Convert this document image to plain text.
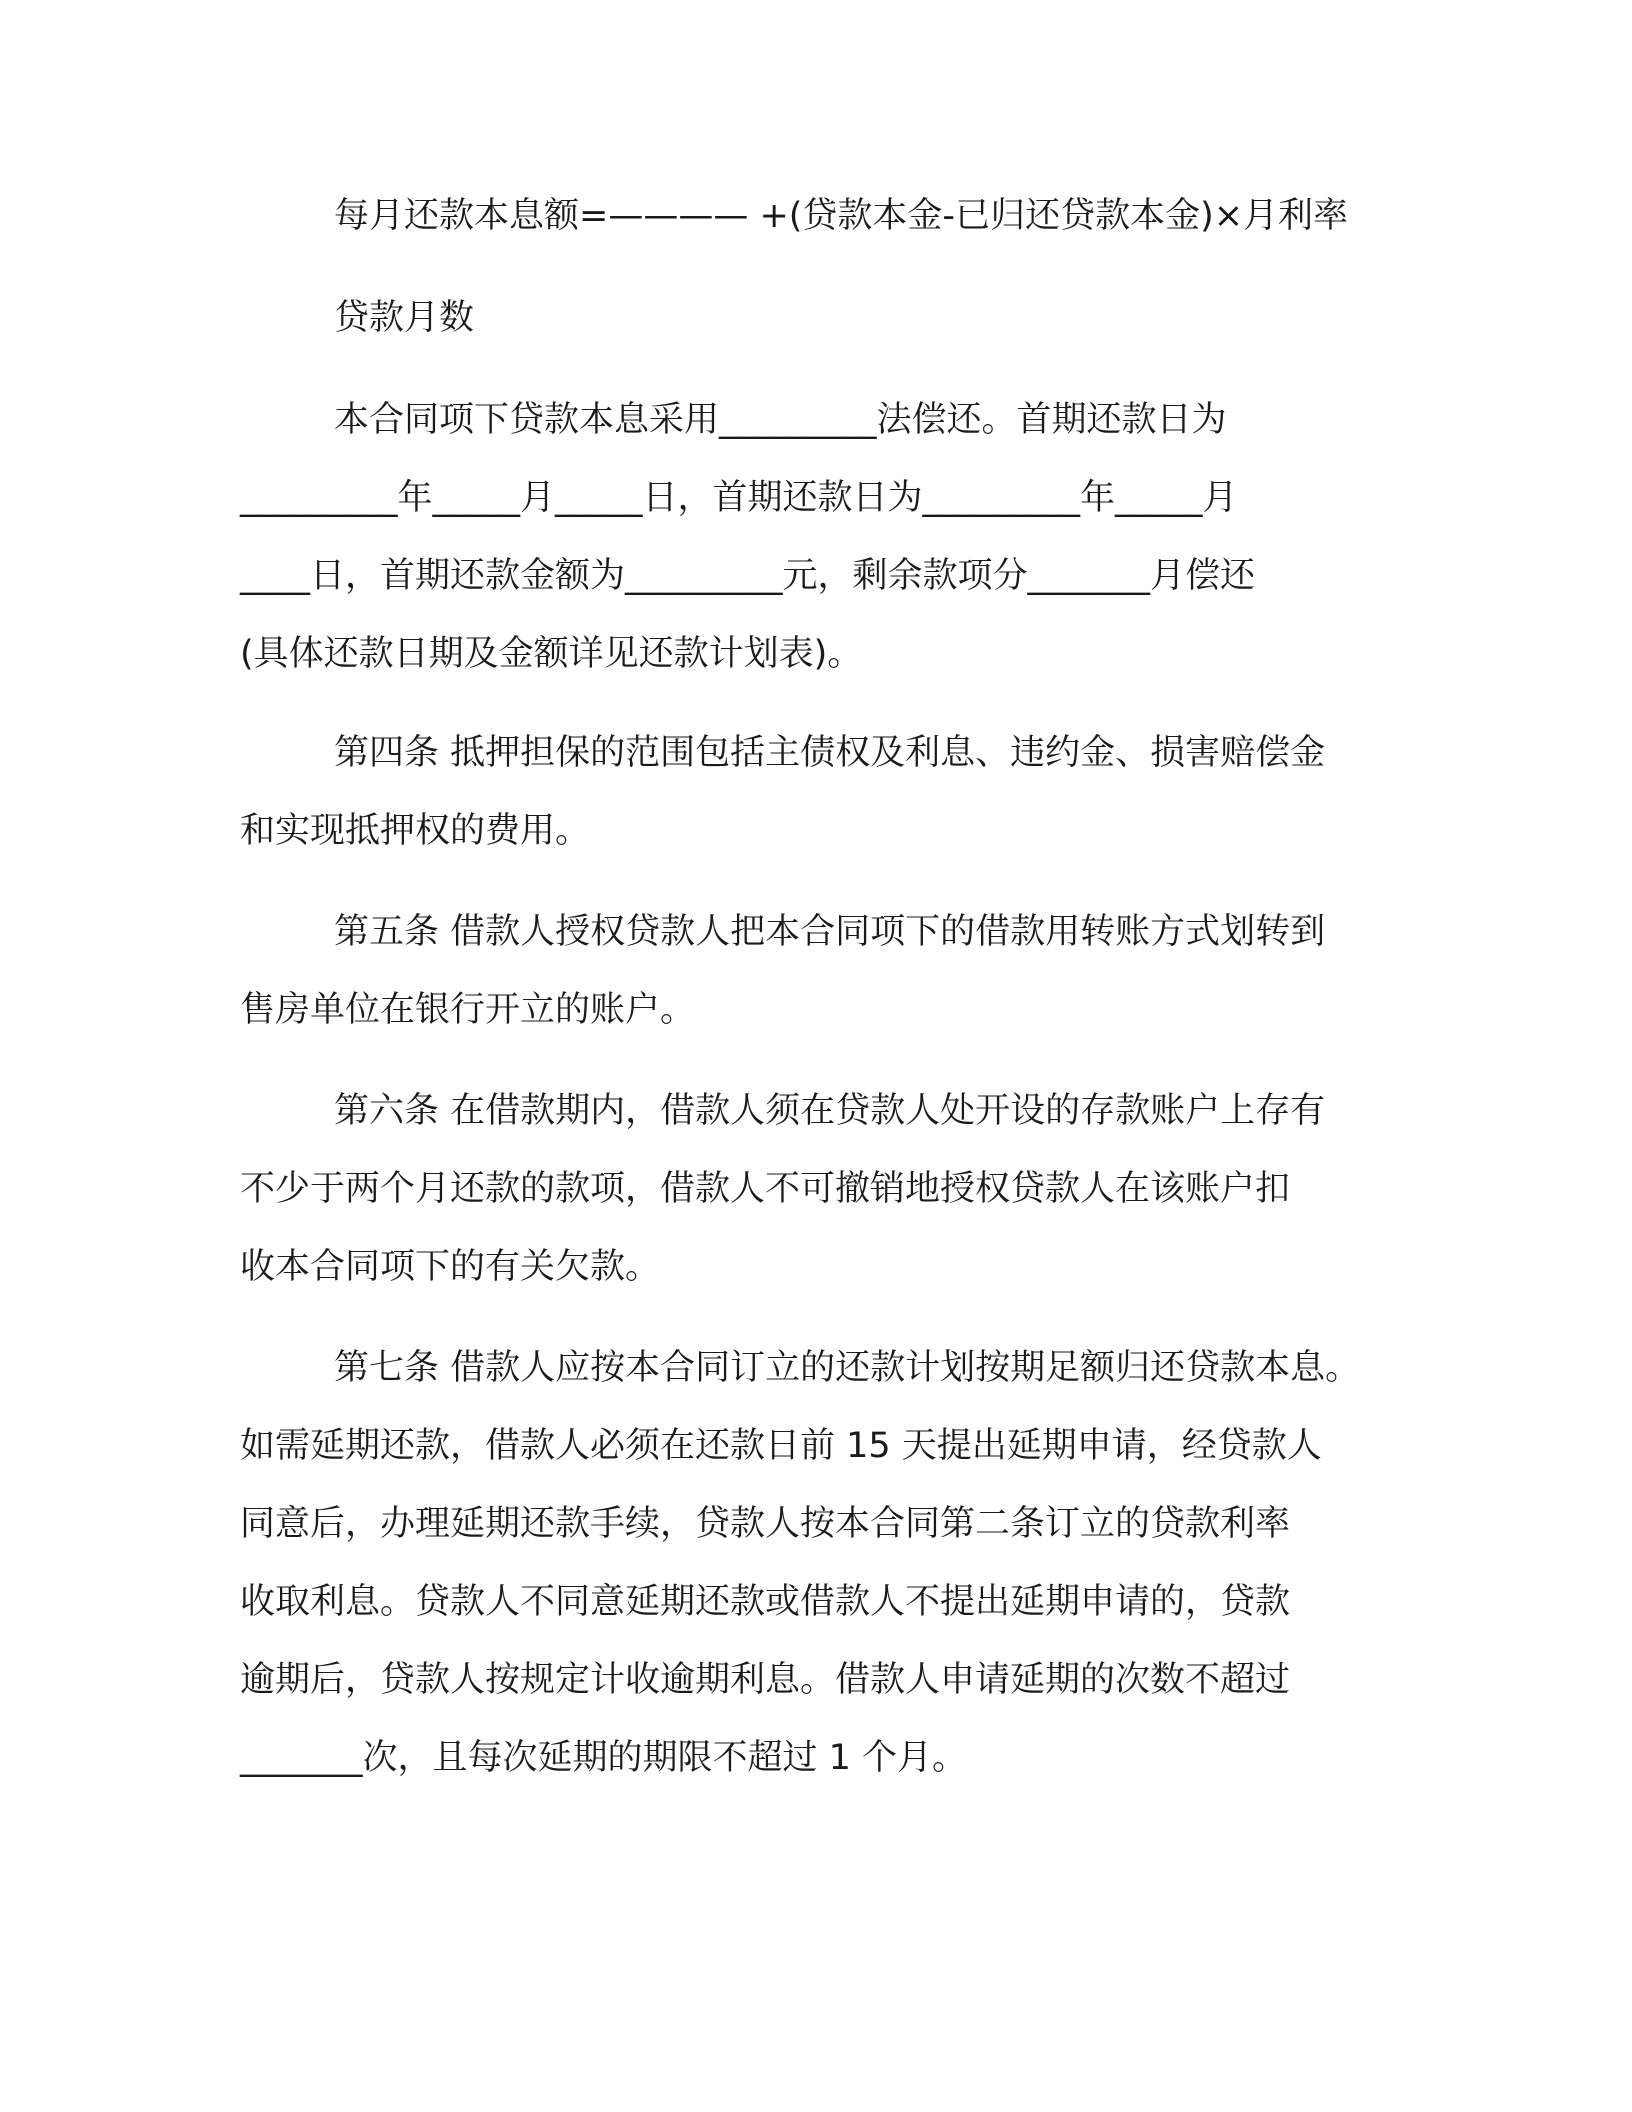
每月还款本息额=———— +(贷款本金-已归还贷款本金)×月利率
贷款月数
本合同项下贷款本息采用_________法偿还。首期还款日为
_________年_____月_____日，首期还款日为_________年_____月
____日，首期还款金额为_________元，剩余款项分_______月偿还
(具体还款日期及金额详见还款计划表)。
第四条 抵押担保的范围包括主债权及利息、违约金、损害赔偿金
和实现抵押权的费用。
第五条 借款人授权贷款人把本合同项下的借款用转账方式划转到
售房单位在银行开立的账户。
第六条 在借款期内，借款人须在贷款人处开设的存款账户上存有
不少于两个月还款的款项，借款人不可撤销地授权贷款人在该账户扣
收本合同项下的有关欠款。
第七条 借款人应按本合同订立的还款计划按期足额归还贷款本息。
如需延期还款，借款人必须在还款日前 15 天提出延期申请，经贷款人
同意后，办理延期还款手续，贷款人按本合同第二条订立的贷款利率
收取利息。贷款人不同意延期还款或借款人不提出延期申请的，贷款
逾期后，贷款人按规定计收逾期利息。借款人申请延期的次数不超过
_______次，且每次延期的期限不超过 1 个月。
